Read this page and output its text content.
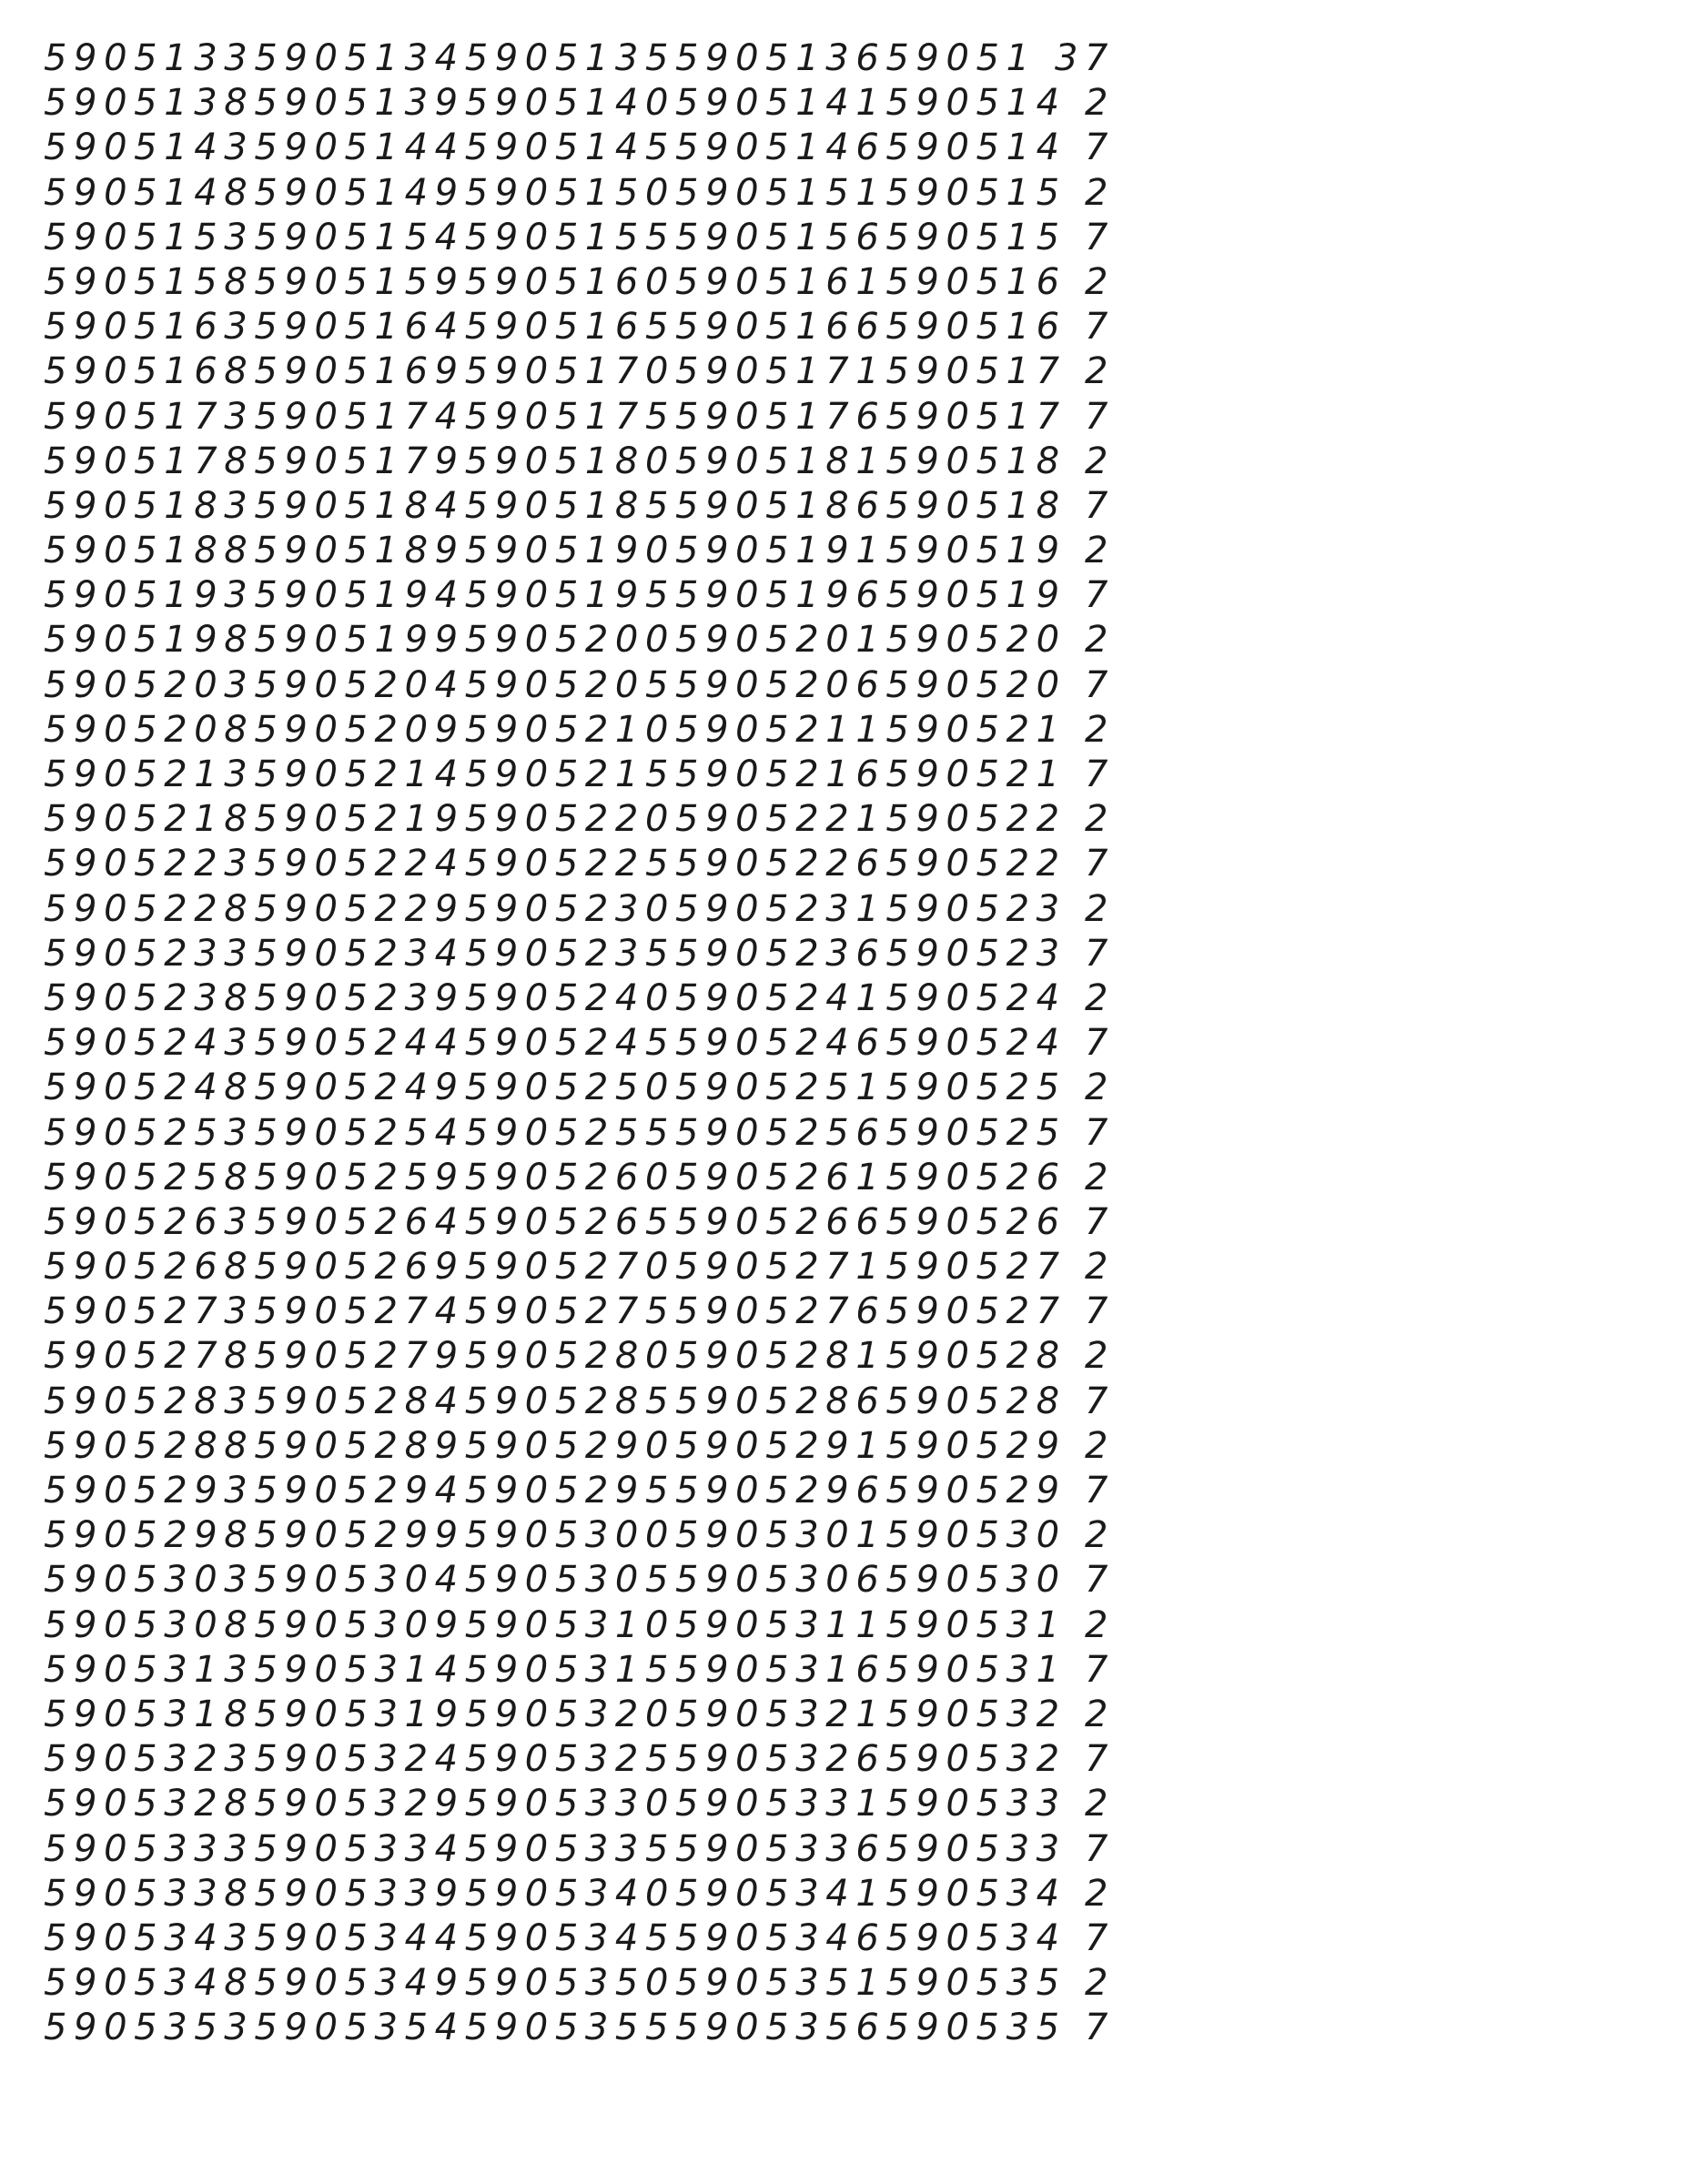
590513359051345905135590513659051 37
5905138590513959051405905141590514 2
5905143590514459051455905146590514 7
5905148590514959051505905151590515 2
5905153590515459051555905156590515 7
5905158590515959051605905161590516 2
5905163590516459051655905166590516 7
5905168590516959051705905171590517 2
5905173590517459051755905176590517 7
5905178590517959051805905181590518 2
5905183590518459051855905186590518 7
5905188590518959051905905191590519 2
5905193590519459051955905196590519 7
5905198590519959052005905201590520 2
5905203590520459052055905206590520 7
5905208590520959052105905211590521 2
5905213590521459052155905216590521 7
5905218590521959052205905221590522 2
5905223590522459052255905226590522 7
5905228590522959052305905231590523 2
5905233590523459052355905236590523 7
5905238590523959052405905241590524 2
5905243590524459052455905246590524 7
5905248590524959052505905251590525 2
5905253590525459052555905256590525 7
5905258590525959052605905261590526 2
5905263590526459052655905266590526 7
5905268590526959052705905271590527 2
5905273590527459052755905276590527 7
5905278590527959052805905281590528 2
5905283590528459052855905286590528 7
5905288590528959052905905291590529 2
5905293590529459052955905296590529 7
5905298590529959053005905301590530 2
5905303590530459053055905306590530 7
5905308590530959053105905311590531 2
5905313590531459053155905316590531 7
5905318590531959053205905321590532 2
5905323590532459053255905326590532 7
5905328590532959053305905331590533 2
5905333590533459053355905336590533 7
5905338590533959053405905341590534 2
5905343590534459053455905346590534 7
5905348590534959053505905351590535 2
5905353590535459053555905356590535 7
